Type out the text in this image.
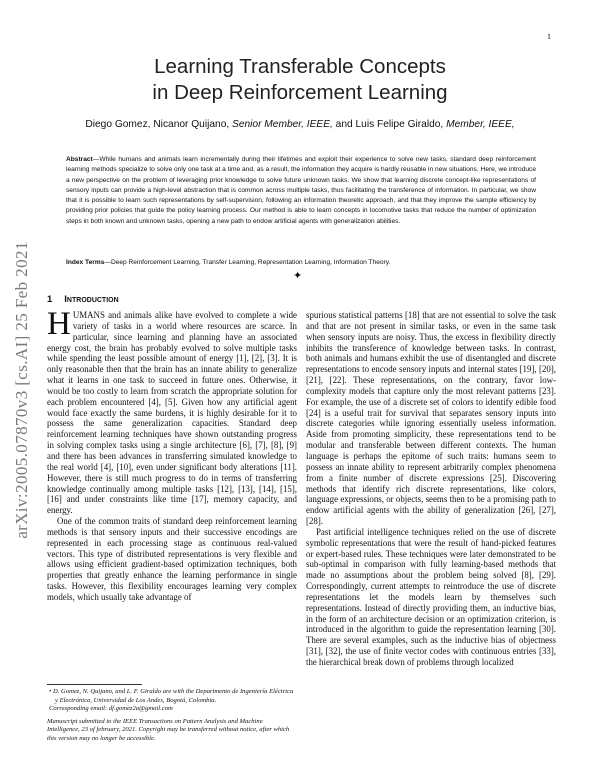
1
arXiv:2005.07870v3 [cs.AI] 25 Feb 2021
Learning Transferable Concepts
in Deep Reinforcement Learning
Diego Gomez, Nicanor Quijano, Senior Member, IEEE, and Luis Felipe Giraldo, Member, IEEE,
Abstract—While humans and animals learn incrementally during their lifetimes and exploit their experience to solve new tasks, standard deep reinforcement learning methods specialize to solve only one task at a time and, as a result, the information they acquire is hardly reusable in new situations. Here, we introduce a new perspective on the problem of leveraging prior knowledge to solve future unknown tasks. We show that learning discrete concept-like representations of sensory inputs can provide a high-level abstraction that is common across multiple tasks, thus facilitating the transference of information. In particular, we show that it is possible to learn such representations by self-supervision, following an information theoretic approach, and that they improve the sample efficiency by providing prior policies that guide the policy learning process. Our method is able to learn concepts in locomotive tasks that reduce the number of optimization steps in both known and unknown tasks, opening a new path to endow artificial agents with generalization abilities.
Index Terms—Deep Reinforcement Learning, Transfer Learning, Representation Learning, Information Theory.
✦
1 Introduction

HUMANS and animals alike have evolved to complete a wide variety of tasks in a world where resources are scarce. In particular, since learning and planning have an associated energy cost, the brain has probably evolved to solve multiple tasks while spending the least possible amount of energy [1], [2], [3]. It is only reasonable then that the brain has an innate ability to generalize what it learns in one task to succeed in future ones. Otherwise, it would be too costly to learn from scratch the appropriate solution for each problem encountered [4], [5]. Given how any artificial agent would face exactly the same burdens, it is highly desirable for it to possess the same generalization capacities. Standard deep reinforcement learning techniques have shown outstanding progress in solving complex tasks using a single architecture [6], [7], [8], [9] and there has been advances in transferring simulated knowledge to the real world [4], [10], even under significant body alterations [11]. However, there is still much progress to do in terms of transferring knowledge continually among multiple tasks [12], [13], [14], [15], [16] and under constraints like time [17], memory capacity, and energy.

One of the common traits of standard deep reinforcement learning methods is that sensory inputs and their successive encodings are represented in each processing stage as continuous real-valued vectors. This type of distributed representations is very flexible and allows using efficient gradient-based optimization techniques, both properties that greatly enhance the learning performance in single tasks. However, this flexibility encourages learning very complex models, which usually take advantage of

spurious statistical patterns [18] that are not essential to solve the task and that are not present in similar tasks, or even in the same task when sensory inputs are noisy. Thus, the excess in flexibility directly inhibits the transference of knowledge between tasks. In contrast, both animals and humans exhibit the use of disentangled and discrete representations to encode sensory inputs and internal states [19], [20], [21], [22]. These representations, on the contrary, favor low-complexity models that capture only the most relevant patterns [23]. For example, the use of a discrete set of colors to identify edible food [24] is a useful trait for survival that separates sensory inputs into discrete categories while ignoring essentially useless information. Aside from promoting simplicity, these representations tend to be modular and transferable between different contexts. The human language is perhaps the epitome of such traits: humans seem to possess an innate ability to represent arbitrarily complex phenomena from a finite number of discrete expressions [25]. Discovering methods that identify rich discrete representations, like colors, language expressions, or objects, seems then to be a promising path to endow artificial agents with the ability of generalization [26], [27], [28].

Past artificial intelligence techniques relied on the use of discrete symbolic representations that were the result of hand-picked features or expert-based rules. These techniques were later demonstrated to be sub-optimal in comparison with fully learning-based methods that made no assumptions about the problem being solved [8], [29]. Correspondingly, current attempts to reintroduce the use of discrete representations let the models learn by themselves such representations. Instead of directly providing them, an inductive bias, in the form of an architecture decision or an optimization criterion, is introduced in the algorithm to guide the representation learning [30]. There are several examples, such as the inductive bias of objectness [31], [32], the use of finite vector codes with continuous entries [33], the hierarchical break down of problems through localized

• D. Gomez, N. Quijano, and L. F. Giraldo are with the Departmento de Ingeniería Eléctrica y Electrónica, Universidad de Los Andes, Bogotá, Colombia.
Corresponding email: df.gomez2a@gmail.com
Manuscript submitted to the IEEE Transactions on Pattern Analysis and Machine Intelligence, 23 of february, 2021. Copyright may be transferred without notice, after which this version may no longer be accessible.
